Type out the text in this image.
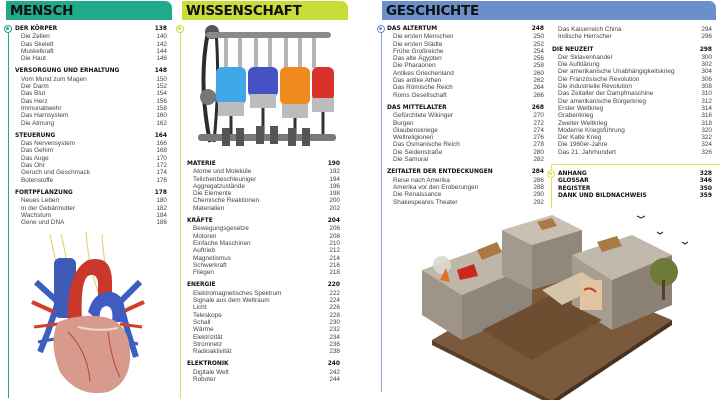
MENSCH
DER KÖRPER	138
Die Zellen	140
Das Skelett	142
Muskelkraft	144
Die Haut	146
VERSORGUNG UND ERHALTUNG	148
Vom Mund zum Magen	150
Der Darm	152
Das Blut	154
Das Herz	156
Immunabwehr	158
Das Harnsystem	160
Die Atmung	162
STEUERUNG	164
Das Nervensystem	166
Das Gehirn	168
Das Auge	170
Das Ohr	172
Geruch und Geschmack	174
Botenstoffe	176
FORTPFLANZUNG	178
Neues Leben	180
In der Gebärmutter	182
Wachstum	184
Gene und DNA	186
WISSENSCHAFT
MATERIE	190
Atome und Moleküle	192
Teilchenbeschleuniger	194
Aggregatzustände	196
Die Elemente	198
Chemische Reaktionen	200
Materialien	202
KRÄFTE	204
Bewegungsgesetze	206
Motoren	208
Einfache Maschinen	210
Auftrieb	212
Magnetismus	214
Schwerkraft	216
Fliegen	218
ENERGIE	220
Elektromagnetisches Spektrum	222
Signale aus dem Weltraum	224
Licht	226
Teleskope	228
Schall	230
Wärme	232
Elektrizität	234
Stromnetz	236
Radioaktivität	238
ELEKTRONIK	240
Digitale Welt	242
Roboter	244
GESCHICHTE
DAS ALTERTUM	248
Die ersten Menschen	250
Die ersten Städte	252
Frühe Großreiche	254
Das alte Ägypten	256
Die Pharaonen	258
Antikes Griechenland	260
Das antike Athen	262
Das Römische Reich	264
Roms Gesellschaft	266
DAS MITTELALTER	268
Gefürchtete Wikinger	270
Burgen	272
Glaubenskriege	274
Weltreligionen	276
Das Osmanische Reich	278
Die Seidenstraße	280
Die Samurai	282
ZEITALTER DER ENTDECKUNGEN	284
Reise nach Amerika	286
Amerika vor den Eroberungen	288
Die Renaissance	290
Shakespeares Theater	292
Das Kaiserreich China	294
Indische Herrscher	296
DIE NEUZEIT	298
Der Sklavenhandel	300
Die Aufklärung	302
Der amerikanische Unabhängigkeitskrieg	304
Die Französische Revolution	306
Die industrielle Revolution	308
Das Zeitalter der Dampfmaschine	310
Der amerikanische Bürgerkrieg	312
Erster Weltkrieg	314
Grabenkrieg	316
Zweiter Weltkrieg	318
Moderne Kriegsführung	320
Der Kalte Krieg	322
Die 1960er-Jahre	324
Das 21. Jahrhundert	326
ANHANG	328
GLOSSAR	346
REGISTER	350
DANK UND BILDNACHWEIS	359
